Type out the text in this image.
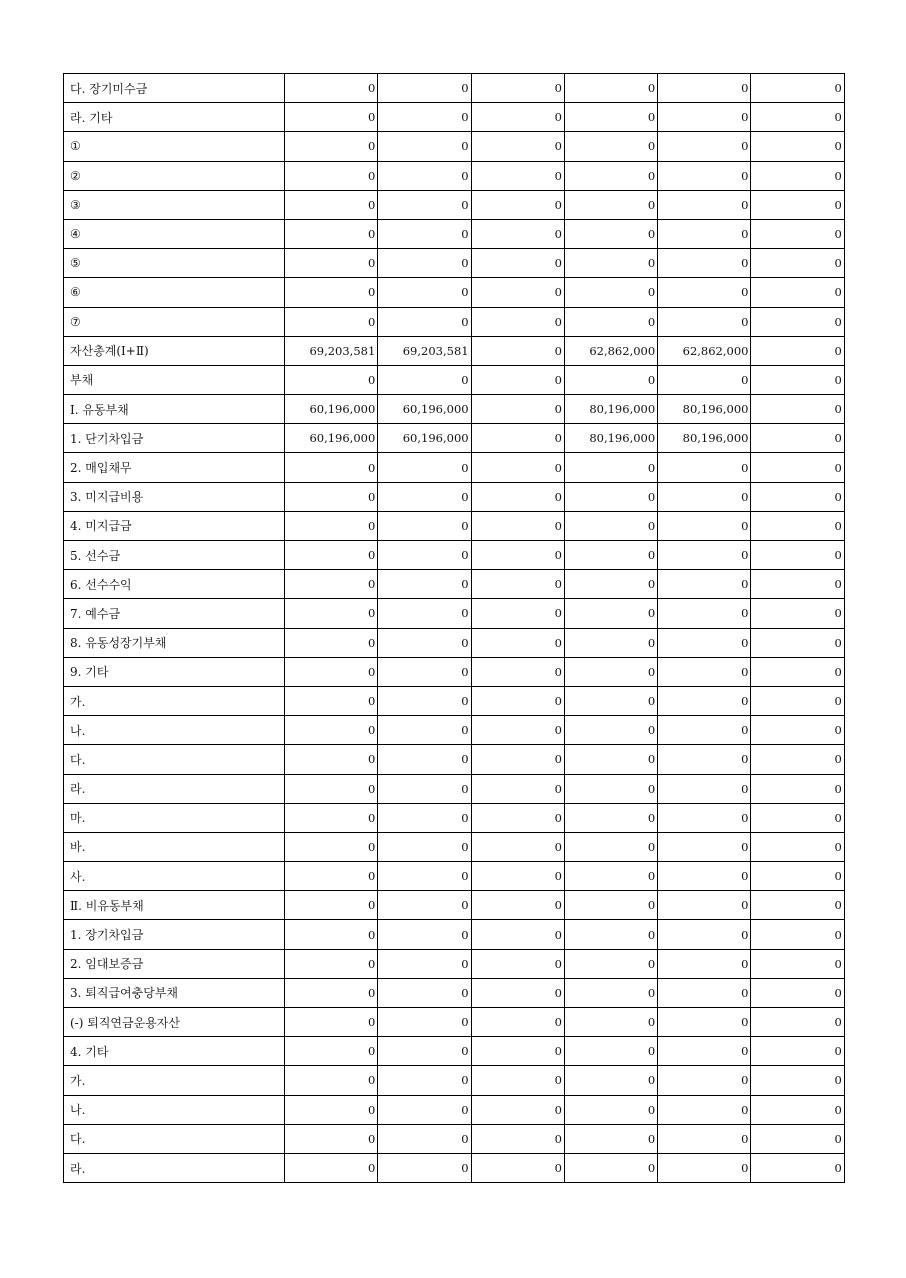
다. 장기미수금	0	0	0	0	0	0
라. 기타	0	0	0	0	0	0
①	0	0	0	0	0	0
②	0	0	0	0	0	0
③	0	0	0	0	0	0
④	0	0	0	0	0	0
⑤	0	0	0	0	0	0
⑥	0	0	0	0	0	0
⑦	0	0	0	0	0	0
자산총계(Ⅰ+Ⅱ)	69,203,581	69,203,581	0	62,862,000	62,862,000	0
부채	0	0	0	0	0	0
Ⅰ. 유동부채	60,196,000	60,196,000	0	80,196,000	80,196,000	0
1. 단기차입금	60,196,000	60,196,000	0	80,196,000	80,196,000	0
2. 매입채무	0	0	0	0	0	0
3. 미지급비용	0	0	0	0	0	0
4. 미지급금	0	0	0	0	0	0
5. 선수금	0	0	0	0	0	0
6. 선수수익	0	0	0	0	0	0
7. 예수금	0	0	0	0	0	0
8. 유동성장기부채	0	0	0	0	0	0
9. 기타	0	0	0	0	0	0
가.	0	0	0	0	0	0
나.	0	0	0	0	0	0
다.	0	0	0	0	0	0
라.	0	0	0	0	0	0
마.	0	0	0	0	0	0
바.	0	0	0	0	0	0
사.	0	0	0	0	0	0
Ⅱ. 비유동부채	0	0	0	0	0	0
1. 장기차입금	0	0	0	0	0	0
2. 임대보증금	0	0	0	0	0	0
3. 퇴직급여충당부채	0	0	0	0	0	0
(-) 퇴직연금운용자산	0	0	0	0	0	0
4. 기타	0	0	0	0	0	0
가.	0	0	0	0	0	0
나.	0	0	0	0	0	0
다.	0	0	0	0	0	0
라.	0	0	0	0	0	0
